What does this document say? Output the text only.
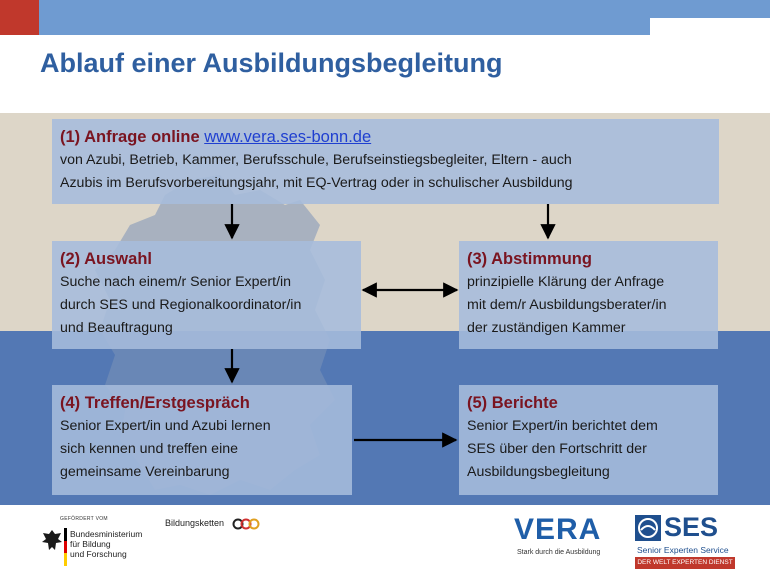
Ablauf einer Ausbildungsbegleitung
(1) Anfrage online www.vera.ses-bonn.de
von Azubi, Betrieb, Kammer, Berufsschule, Berufseinstiegsbegleiter, Eltern - auch
Azubis im Berufsvorbereitungsjahr, mit EQ-Vertrag oder in schulischer Ausbildung
(2) Auswahl
Suche nach einem/r Senior Expert/in
durch SES und Regionalkoordinator/in
und Beauftragung
(3) Abstimmung
prinzipielle Klärung der Anfrage
mit dem/r Ausbildungsberater/in
der zuständigen Kammer
(4) Treffen/Erstgespräch
Senior Expert/in und Azubi lernen
sich kennen und treffen eine
gemeinsame Vereinbarung
(5) Berichte
Senior Expert/in berichtet dem
SES über den Fortschritt der
Ausbildungsbegleitung
GEFÖRDERT VOM
Bundesministerium
für Bildung
und Forschung
Bildungsketten	VERA
Stark durch die Ausbildung
SES
Senior Experten Service
DER WELT EXPERTEN DIENST
